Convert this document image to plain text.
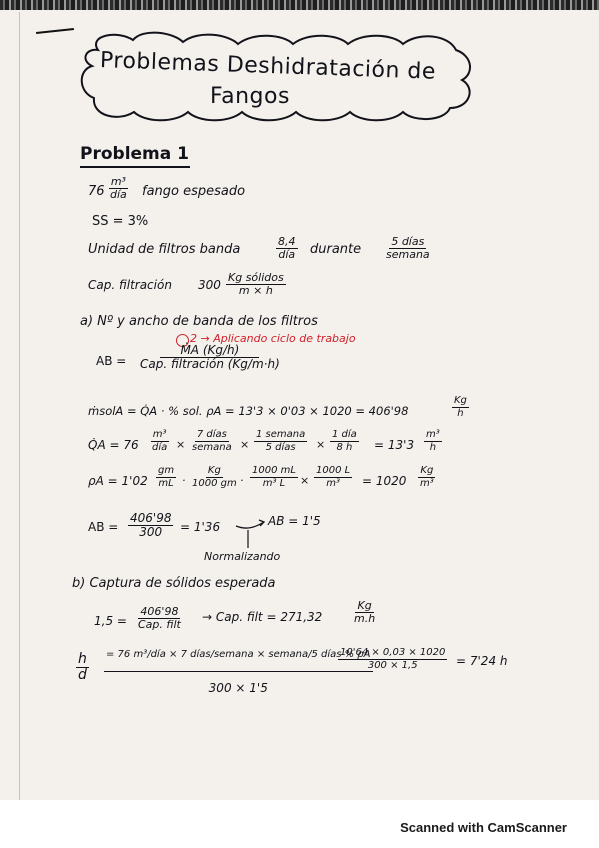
Problemas Deshidratación de
Fangos
Problema 1
76
m³
día fango espesado
SS = 3%
Unidad de filtros banda
8,4
día durante
5 días
semana
Cap. filtración 300
Kg sólidos
m × h
a) Nº y ancho de banda de los filtros
2 → Aplicando ciclo de trabajo
AB =
ṀA (Kg/h)
Cap. filtración (Kg/m·h)
ṁsolA = Q̇A · % sol. ρA = 13'3 × 0'03 × 1020 = 406'98	$\frac{Kg}{h}$
Q̇A = 76
m³
día ×
7 días
semana ×
1 semana
5 días ×
1 día
8 $h = 13'3 \frac{\text{m³}}{h}$
$\rho A = 1'02 \frac{gm}{mL} \cdot \frac{Kg}{1000 gm} \cdot \frac{1000 mL}{\text{m³ L}} \times \frac{1000 L}{\text{m³}} = 1020 \frac{Kg}{\text{m³}}$
AB = $\frac{406'98}{300} = 1'36$	AB = 1'5
Normalizando
b) Captura de sólidos esperada
1,5 =
406'98
Cap. filt
→ Cap. filt = 271,32	$\frac{Kg}{m.h}$
$\frac{h}{d} = 76$ m³/día × 7 días/semana × semana/5 días % ρA
300 × 1'5
$\frac{10'64 \times 0,03 \times 1020}{300 \times 1,5} = 7'24$ h
Scanned with CamScanner
